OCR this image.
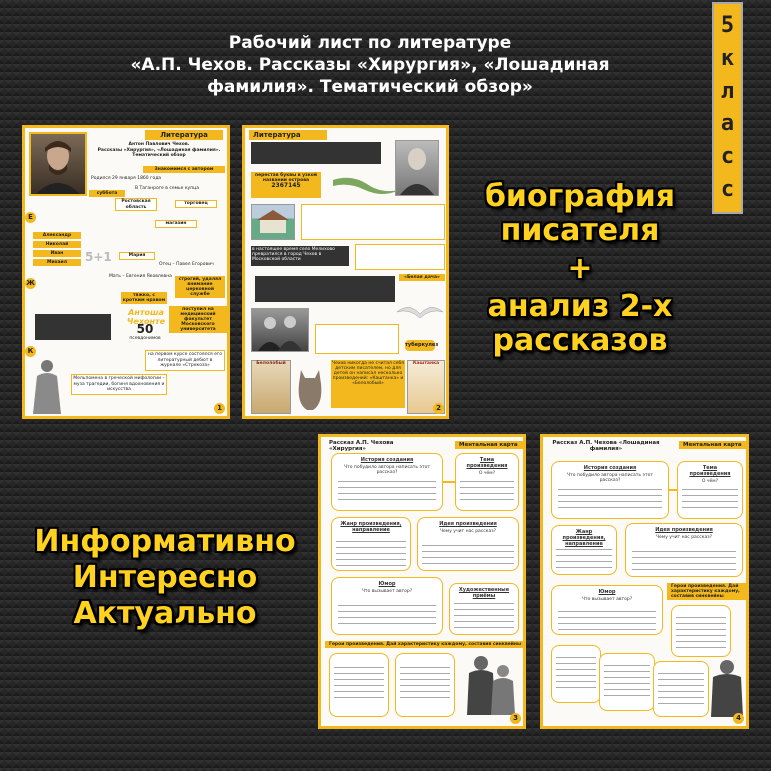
Рабочий лист по литературе
«А.П. Чехов. Рассказы «Хирургия», «Лошадиная
фамилия». Тематический обзор»
5
к
л
а
с
с
биография
писателя
+
анализ 2-х
рассказов
Информативно
Интересно
Актуально
Литература
Антон Павлович Чехов.
Рассказы «Хирургия», «Лошадиная фамилия».
Тематический обзор
Знакомимся с автором
Родился 29 января 1860 года
суббота
В Таганроге в семье купца
Ростовская область
торговец
магазин
Е
Ж
К
Александр
Николай
Иван
Михаил	5+1	Мария
Отец – Павел Егорович
Мать – Евгения Яковлевна
строгий, удалял внимание церковной службе
тяжко, с кротким нравом
Антоша Чехонте
50
псевдонимов
поступил на медицинский факультет Московского университета
на первом курсе состоялся его литературный дебют в журнале «Стрекоза»
Мельпомена в греческой мифологии – муза трагедии, богиня вдохновения и искусства
1
Литература
перестав буквы в узкой названии острова
2367145
в настоящее время село Мелихово превратился в город Чехов в Московской области
«Белая дача»
туберкулез
Белолобый	Чехов никогда не считал себя детским писателем, но для детей он написал несколько произведений: «Каштанка» и «Белолобый»
Каштанка
2
Рассказ А.П. Чехова «Хирургия»
Ментальная карта
История создания
Что побудило автора написать этот рассказ?
Тема произведения
О чём?
Жанр произведения, направление
Идея произведения
Чему учит нас рассказ?
Юмор
Что вызывает автор?	Художественные приёмы
Герои произведения. Дай характеристику каждому, составив синквейны
3
Рассказ А.П. Чехова «Лошадиная фамилия»
Ментальная карта
История создания
Что побудило автора написать этот рассказ?
Тема произведения
О чём?
Жанр произведения, направление
Идея произведения
Чему учит нас рассказ?
Юмор
Что вызывает автор?
Герои произведения. Дай характеристику каждому, составив синквейны
4
